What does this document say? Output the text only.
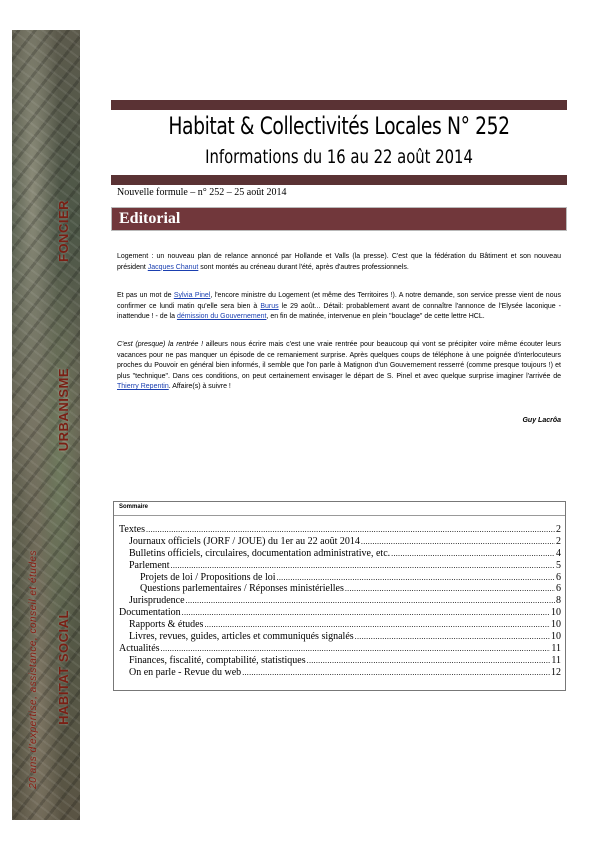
FONCIER
URBANISME
HABITAT SOCIAL
20 ans d'expertise, assistance, conseil et études
Habitat & Collectivités Locales N° 252
Informations du 16 au 22 août 2014
Nouvelle formule – n° 252 – 25 août 2014
Editorial

Logement : un nouveau plan de relance annoncé par Hollande et Valls (la presse). C'est que la fédération du Bâtiment et son nouveau président Jacques Chanut sont montés au créneau durant l'été, après d'autres professionnels.

Et pas un mot de Sylvia Pinel, l'encore ministre du Logement (et même des Territoires !). A notre demande, son service presse vient de nous confirmer ce lundi matin qu'elle sera bien à Burus le 29 août... Détail: probablement avant de connaître l'annonce de l'Elysée laconique - inattendue ! - de la démission du Gouvernement, en fin de matinée, intervenue en plein "bouclage" de cette lettre HCL.

C'est (presque) la rentrée ! ailleurs nous écrire mais c'est une vraie rentrée pour beaucoup qui vont se précipiter voire même écouter leurs vacances pour ne pas manquer un épisode de ce remaniement surprise. Après quelques coups de téléphone à une poignée d'interlocuteurs proches du Pouvoir en général bien informés, il semble que l'on parle à Matignon d'un Gouvernement resserré (comme presque toujours !) et plus "technique". Dans ces conditions, on peut certainement envisager le départ de S. Pinel et avec quelque surprise imaginer l'arrivée de Thierry Repentin. Affaire(s) à suivre !

Guy Lacrôa
Sommaire
Textes .....	2
Journaux officiels (JORF / JOUE) du 1er au 22 août 2014 .....	2
Bulletins officiels, circulaires, documentation administrative, etc. .....	4
Parlement .....	5
Projets de loi / Propositions de loi .....	6
Questions parlementaires / Réponses ministérielles .....	6
Jurisprudence .....	8
Documentation .....	10
Rapports & études .....	10
Livres, revues, guides, articles et communiqués signalés .....	10
Actualités .....	11
Finances, fiscalité, comptabilité, statistiques .....	11
On en parle - Revue du web .....	12
